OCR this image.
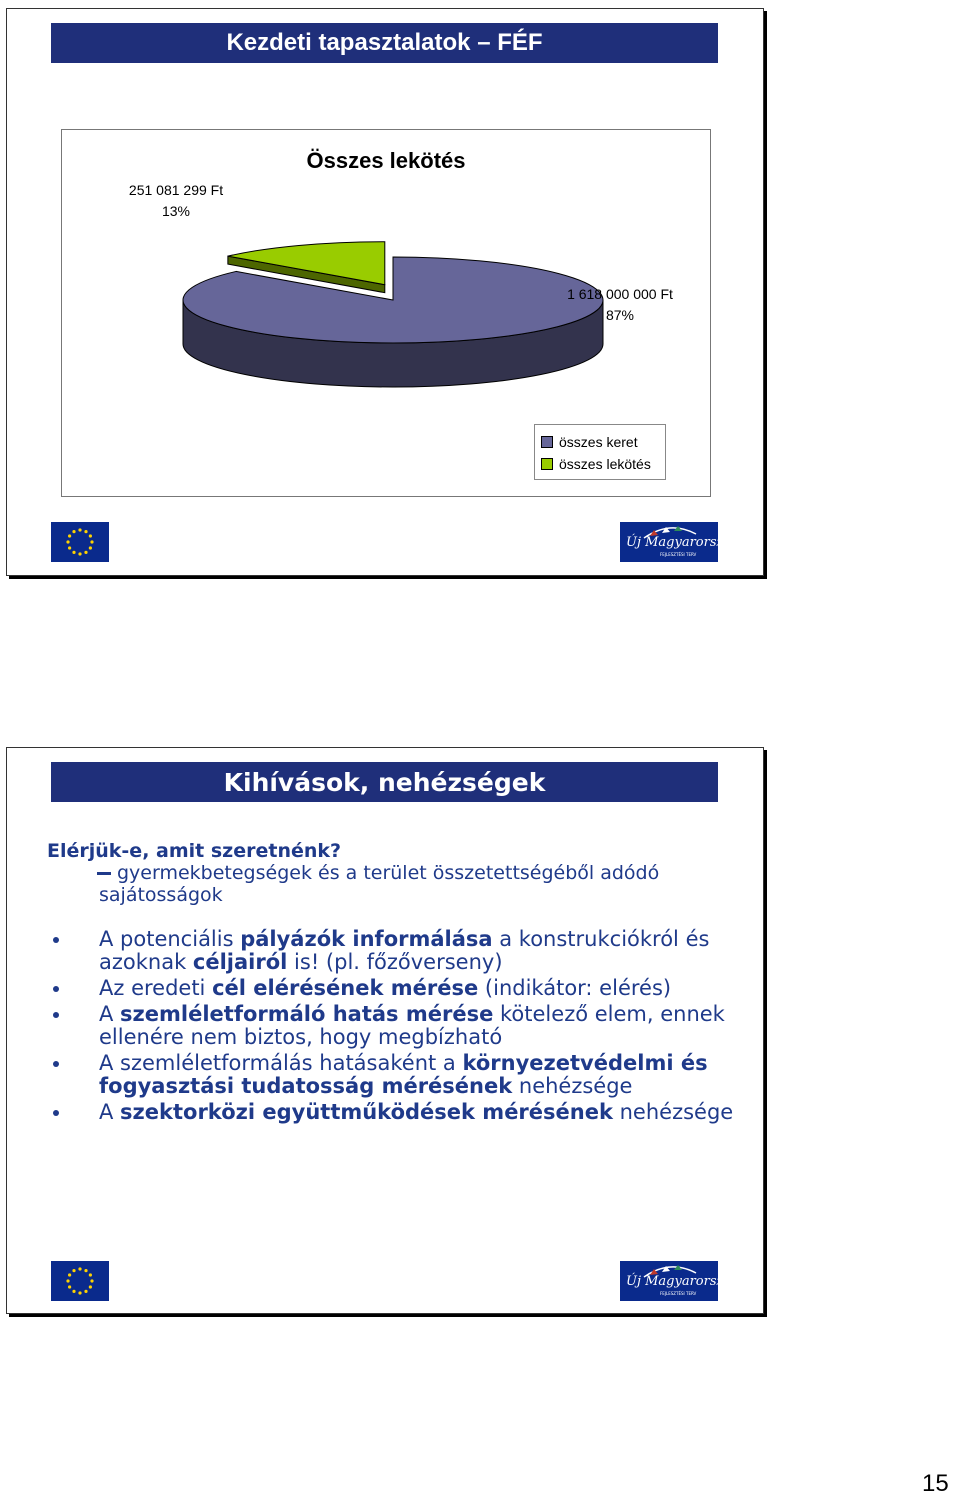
Kezdeti tapasztalatok – FÉF
Összes lekötés
251 081 299 Ft
13%
1 618 000 000 Ft
87%
összes keret
összes lekötés
Új Magyarország
FEJLESZTÉSI TERV
Kihívások, nehézségek
Elérjük-e, amit szeretnénk?
gyermekbetegségek és a terület összetettségéből adódó sajátosságok
A potenciális pályázók informálása a konstrukciókról és azoknak céljairól is! (pl. főzőverseny)
Az eredeti cél elérésének mérése (indikátor: elérés)
A szemléletformáló hatás mérése kötelező elem, ennek ellenére nem biztos, hogy megbízható
A szemléletformálás hatásaként a környezetvédelmi és fogyasztási tudatosság mérésének nehézsége
A szektorközi együttműködések mérésének nehézsége
Új Magyarország
FEJLESZTÉSI TERV
15
